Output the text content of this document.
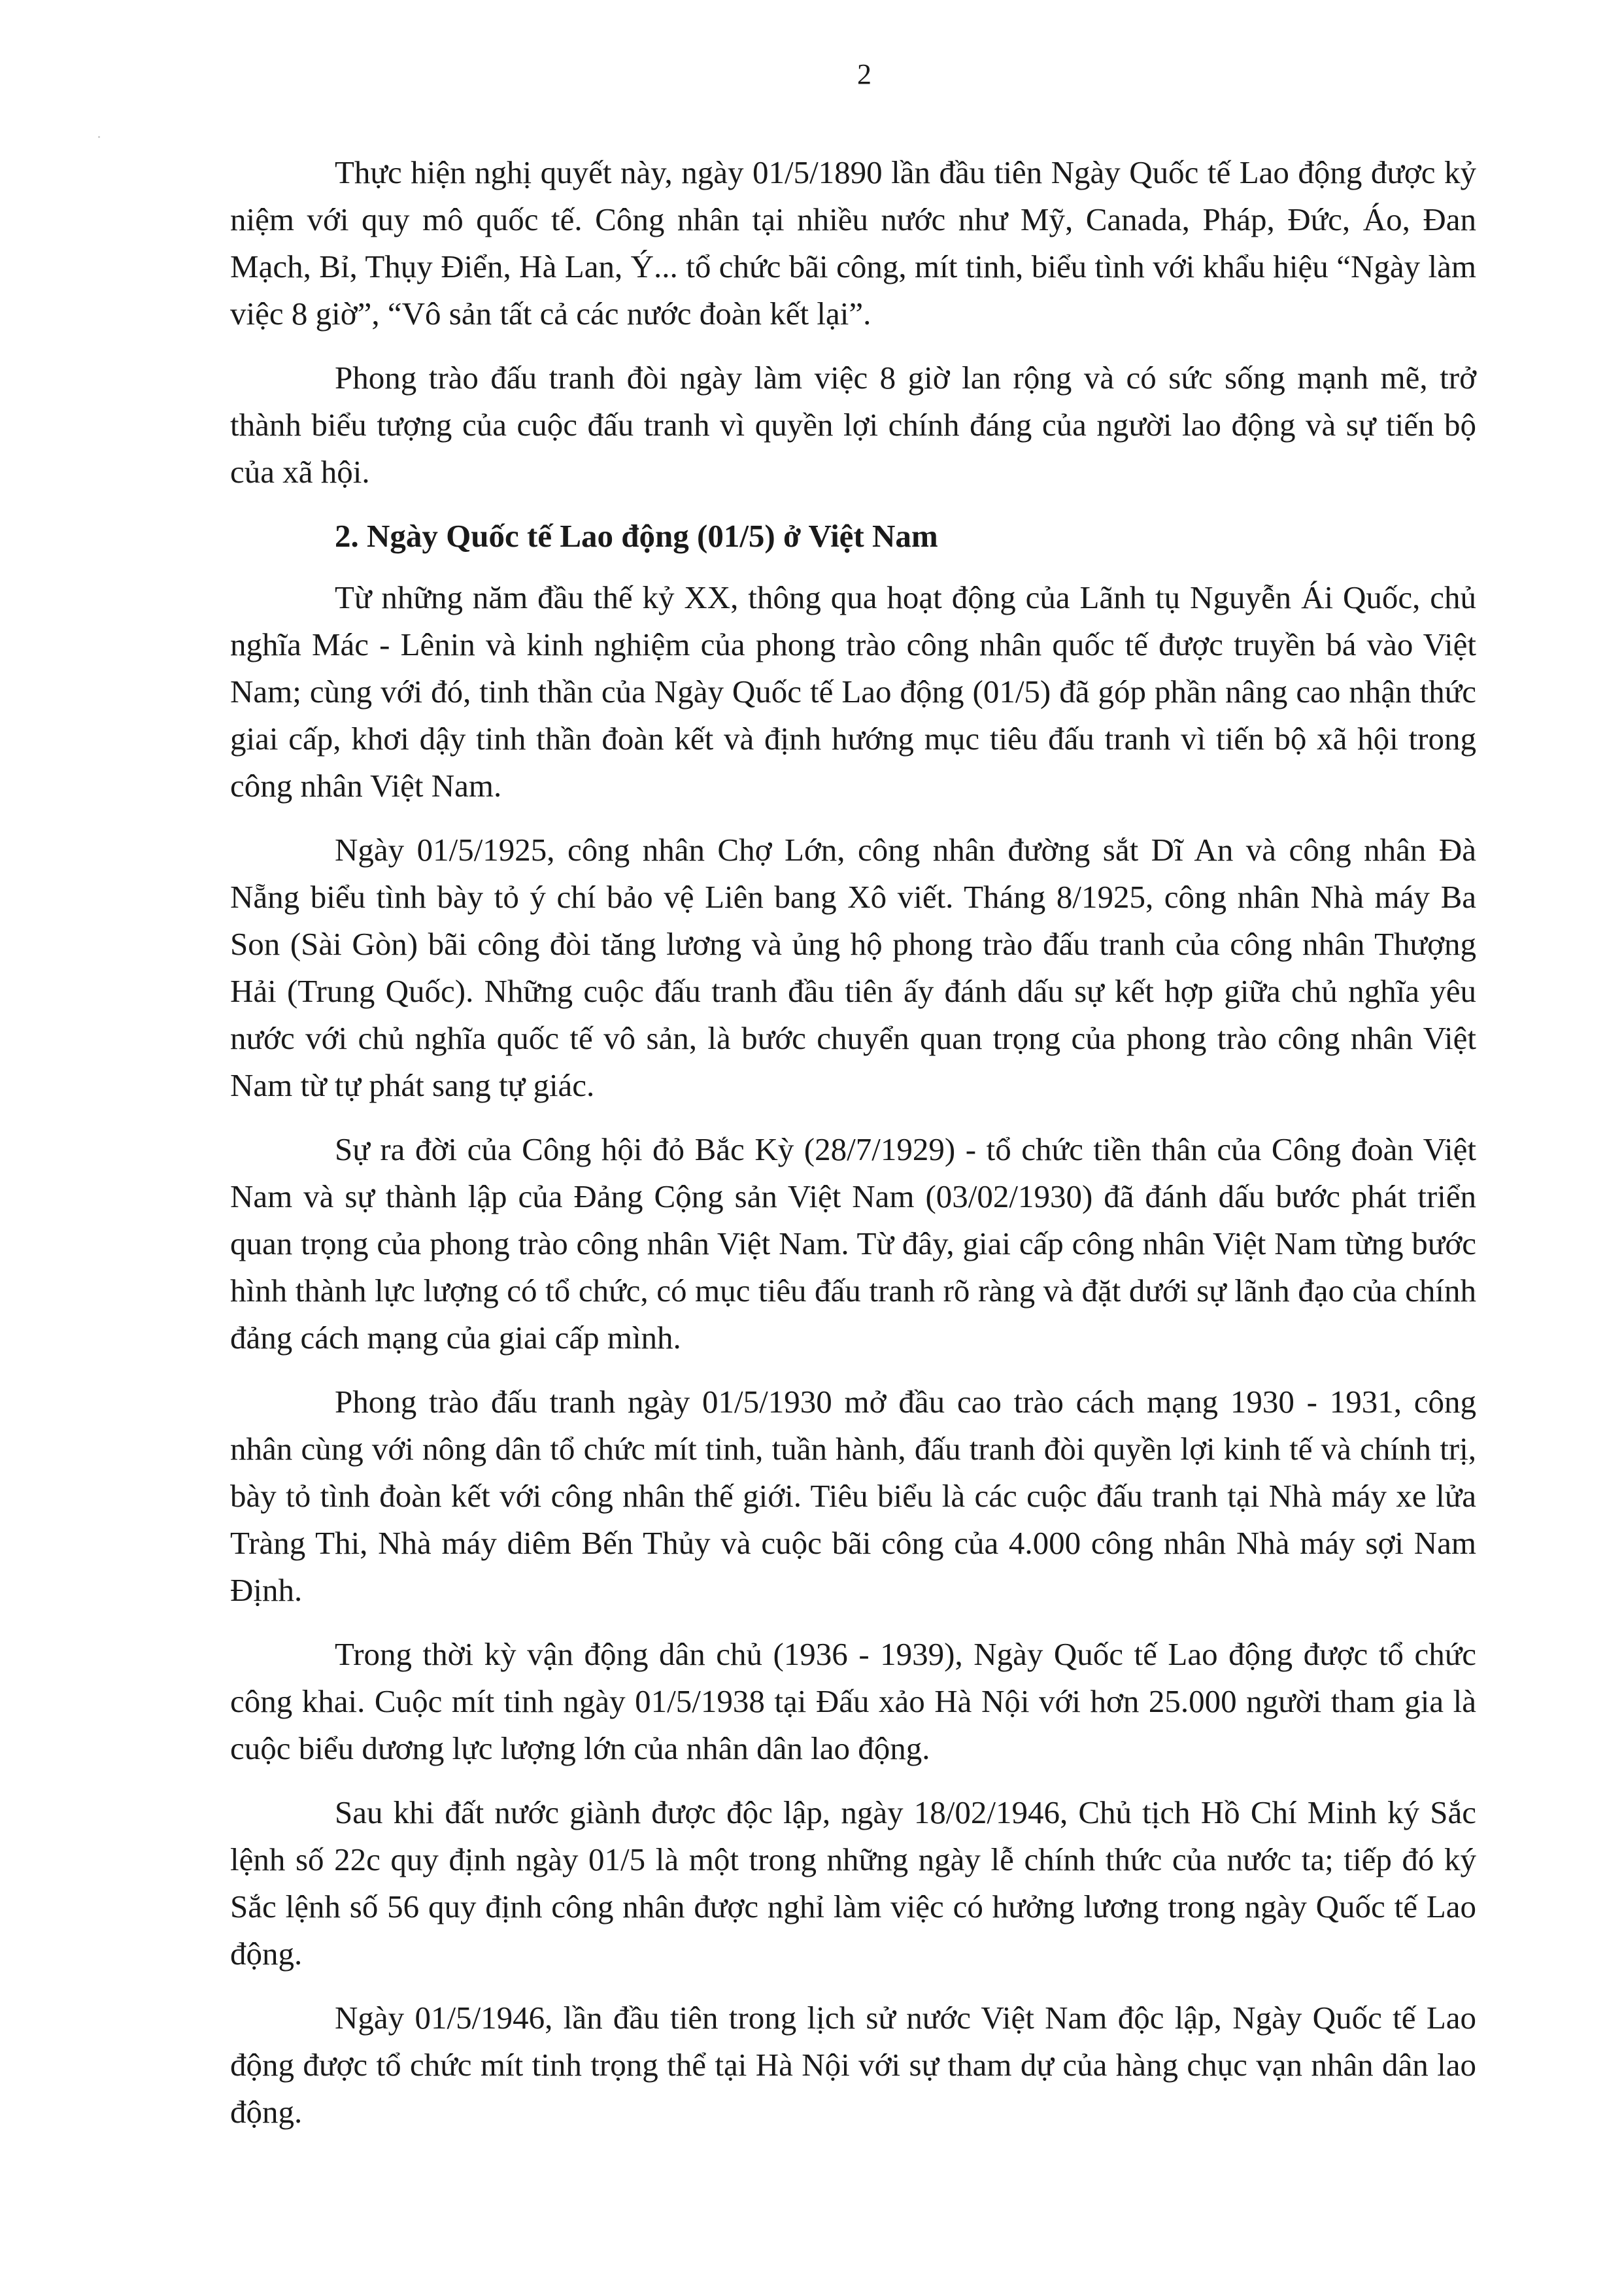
2

Thực hiện nghị quyết này, ngày 01/5/1890 lần đầu tiên Ngày Quốc tế Lao động được kỷ niệm với quy mô quốc tế. Công nhân tại nhiều nước như Mỹ, Canada, Pháp, Đức, Áo, Đan Mạch, Bỉ, Thụy Điển, Hà Lan, Ý... tổ chức bãi công, mít tinh, biểu tình với khẩu hiệu “Ngày làm việc 8 giờ”, “Vô sản tất cả các nước đoàn kết lại”.

Phong trào đấu tranh đòi ngày làm việc 8 giờ lan rộng và có sức sống mạnh mẽ, trở thành biểu tượng của cuộc đấu tranh vì quyền lợi chính đáng của người lao động và sự tiến bộ của xã hội.

2. Ngày Quốc tế Lao động (01/5) ở Việt Nam

Từ những năm đầu thế kỷ XX, thông qua hoạt động của Lãnh tụ Nguyễn Ái Quốc, chủ nghĩa Mác - Lênin và kinh nghiệm của phong trào công nhân quốc tế được truyền bá vào Việt Nam; cùng với đó, tinh thần của Ngày Quốc tế Lao động (01/5) đã góp phần nâng cao nhận thức giai cấp, khơi dậy tinh thần đoàn kết và định hướng mục tiêu đấu tranh vì tiến bộ xã hội trong công nhân Việt Nam.

Ngày 01/5/1925, công nhân Chợ Lớn, công nhân đường sắt Dĩ An và công nhân Đà Nẵng biểu tình bày tỏ ý chí bảo vệ Liên bang Xô viết. Tháng 8/1925, công nhân Nhà máy Ba Son (Sài Gòn) bãi công đòi tăng lương và ủng hộ phong trào đấu tranh của công nhân Thượng Hải (Trung Quốc). Những cuộc đấu tranh đầu tiên ấy đánh dấu sự kết hợp giữa chủ nghĩa yêu nước với chủ nghĩa quốc tế vô sản, là bước chuyển quan trọng của phong trào công nhân Việt Nam từ tự phát sang tự giác.

Sự ra đời của Công hội đỏ Bắc Kỳ (28/7/1929) - tổ chức tiền thân của Công đoàn Việt Nam và sự thành lập của Đảng Cộng sản Việt Nam (03/02/1930) đã đánh dấu bước phát triển quan trọng của phong trào công nhân Việt Nam. Từ đây, giai cấp công nhân Việt Nam từng bước hình thành lực lượng có tổ chức, có mục tiêu đấu tranh rõ ràng và đặt dưới sự lãnh đạo của chính đảng cách mạng của giai cấp mình.

Phong trào đấu tranh ngày 01/5/1930 mở đầu cao trào cách mạng 1930 - 1931, công nhân cùng với nông dân tổ chức mít tinh, tuần hành, đấu tranh đòi quyền lợi kinh tế và chính trị, bày tỏ tình đoàn kết với công nhân thế giới. Tiêu biểu là các cuộc đấu tranh tại Nhà máy xe lửa Tràng Thi, Nhà máy diêm Bến Thủy và cuộc bãi công của 4.000 công nhân Nhà máy sợi Nam Định.

Trong thời kỳ vận động dân chủ (1936 - 1939), Ngày Quốc tế Lao động được tổ chức công khai. Cuộc mít tinh ngày 01/5/1938 tại Đấu xảo Hà Nội với hơn 25.000 người tham gia là cuộc biểu dương lực lượng lớn của nhân dân lao động.

Sau khi đất nước giành được độc lập, ngày 18/02/1946, Chủ tịch Hồ Chí Minh ký Sắc lệnh số 22c quy định ngày 01/5 là một trong những ngày lễ chính thức của nước ta; tiếp đó ký Sắc lệnh số 56 quy định công nhân được nghỉ làm việc có hưởng lương trong ngày Quốc tế Lao động.

Ngày 01/5/1946, lần đầu tiên trong lịch sử nước Việt Nam độc lập, Ngày Quốc tế Lao động được tổ chức mít tinh trọng thể tại Hà Nội với sự tham dự của hàng chục vạn nhân dân lao động.
